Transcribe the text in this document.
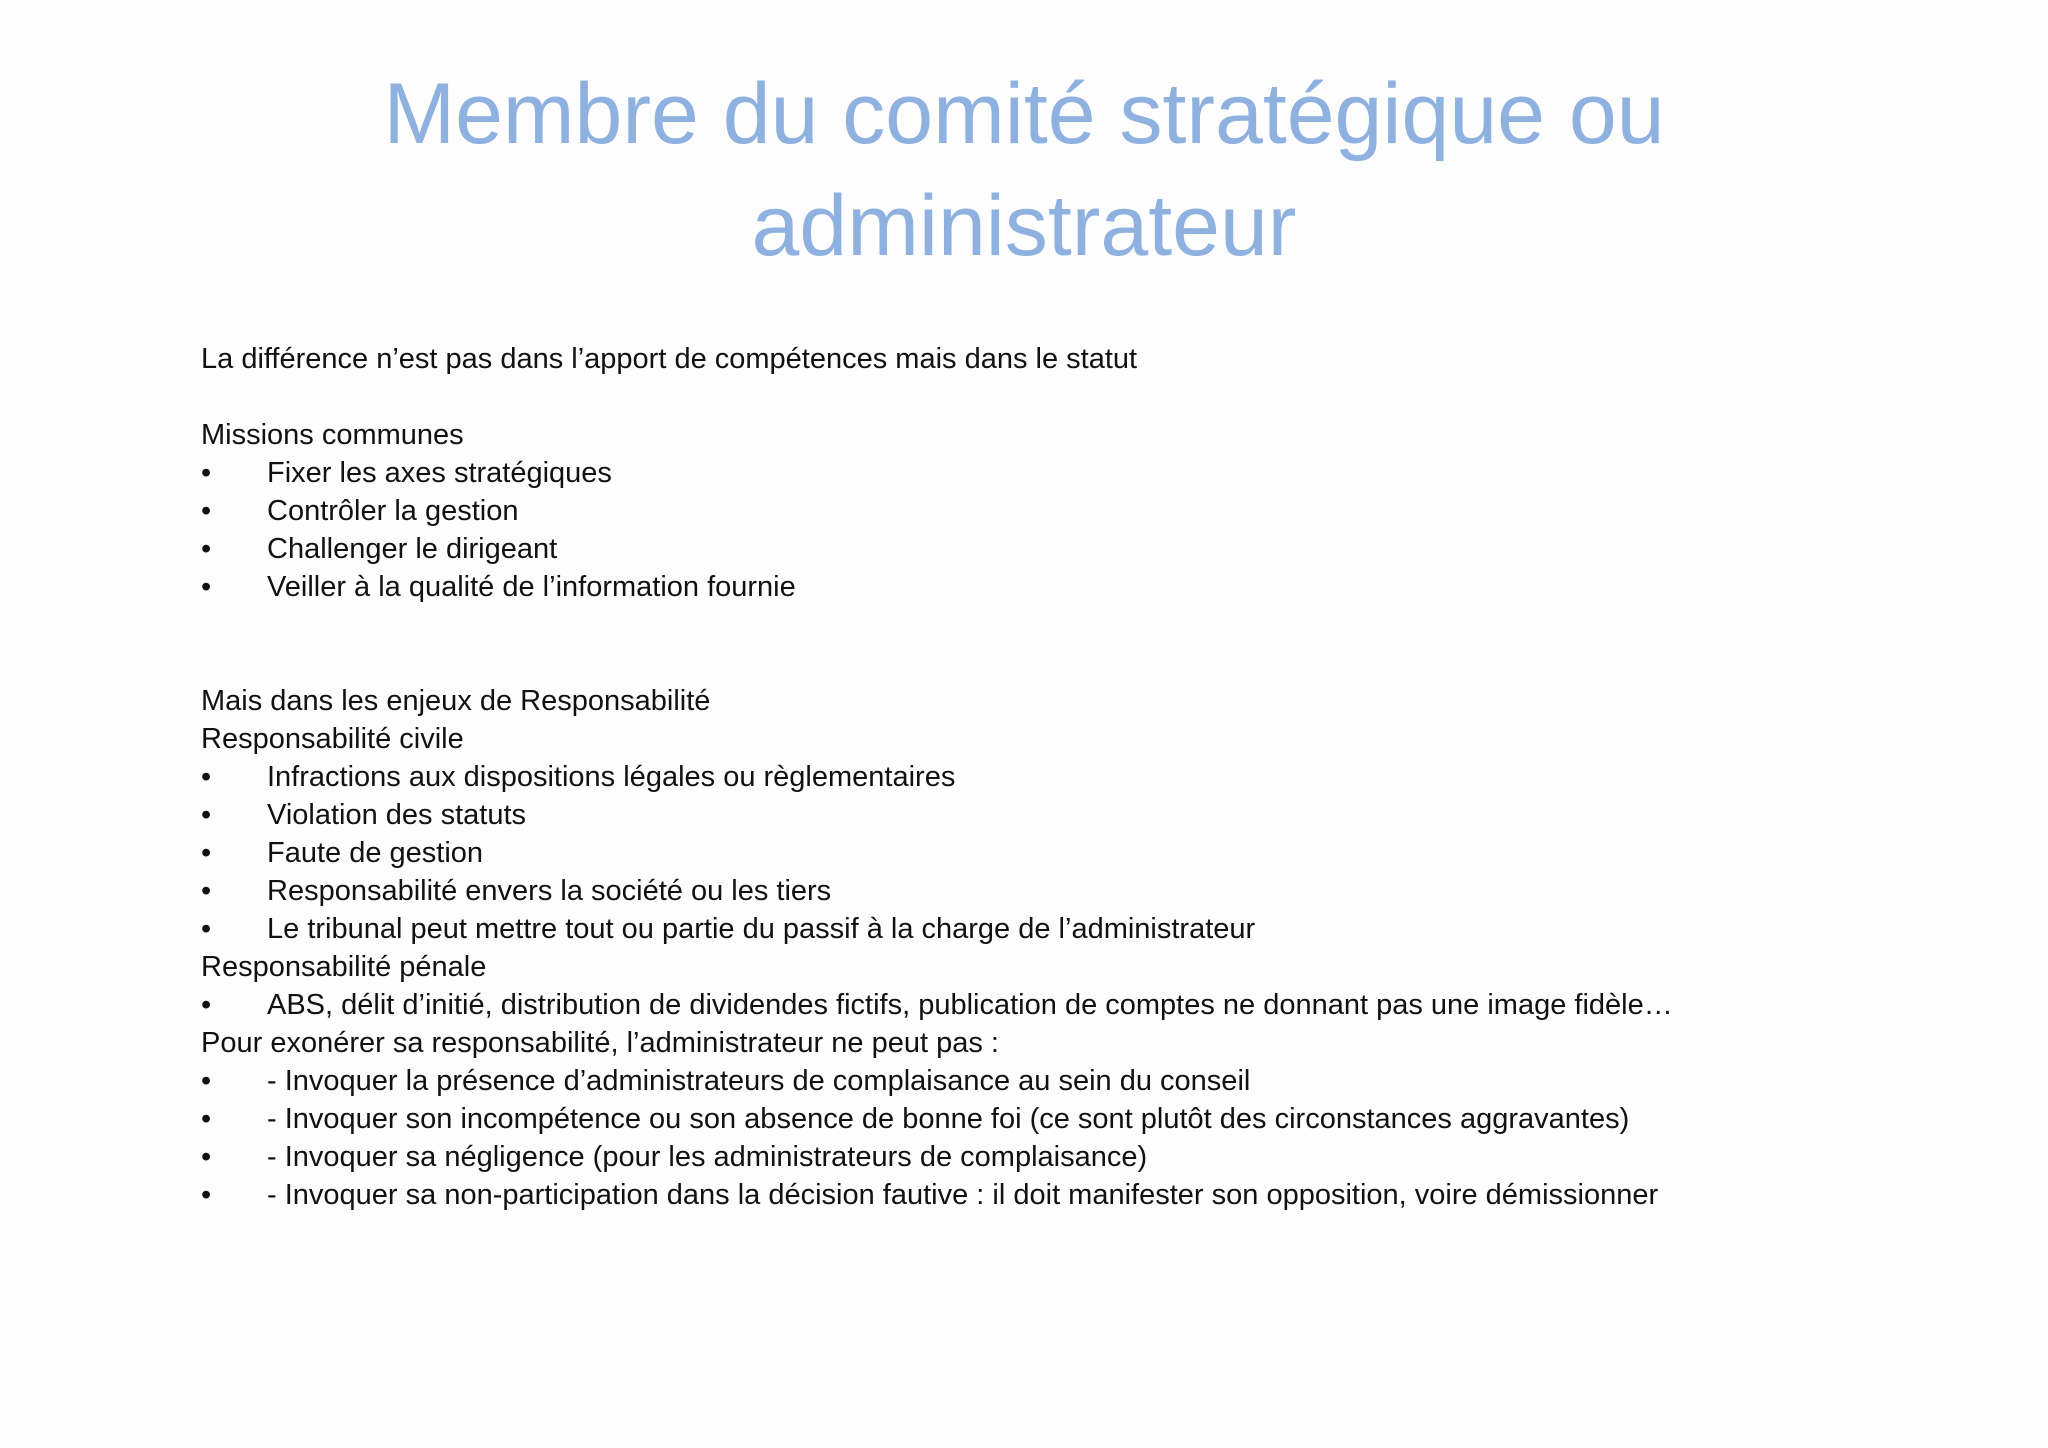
Membre du comité stratégique ou
administrateur
La différence n’est pas dans l’apport de compétences mais dans le statut
Missions communes
•	Fixer les axes stratégiques
•	Contrôler la gestion
•	Challenger le dirigeant
•	Veiller à la qualité de l’information fournie
Mais dans les enjeux de Responsabilité
Responsabilité civile
•	Infractions aux dispositions légales ou règlementaires
•	Violation des statuts
•	Faute de gestion
•	Responsabilité envers la société ou les tiers
•	Le tribunal peut mettre tout ou partie du passif à la charge de l’administrateur
Responsabilité pénale
•	ABS, délit d’initié, distribution de dividendes fictifs, publication de comptes ne donnant pas une image fidèle…
Pour exonérer sa responsabilité, l’administrateur ne peut pas :
•	- Invoquer la présence d’administrateurs de complaisance au sein du conseil
•	- Invoquer son incompétence ou son absence de bonne foi (ce sont plutôt des circonstances aggravantes)
•	- Invoquer sa négligence (pour les administrateurs de complaisance)
•	- Invoquer sa non-participation dans la décision fautive : il doit manifester son opposition, voire démissionner
